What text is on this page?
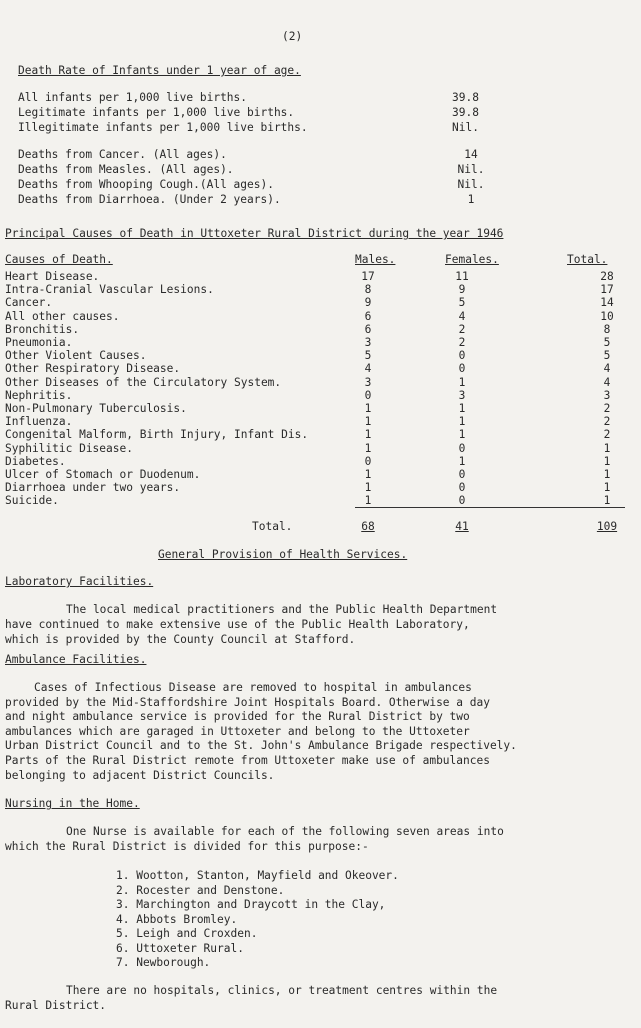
(2)
Death Rate of Infants under 1 year of age.
All infants per 1,000 live births.	39.8
Legitimate infants per 1,000 live births.	39.8
Illegitimate infants per 1,000 live births.	Nil.
Deaths from Cancer. (All ages).	14
Deaths from Measles. (All ages).	Nil.
Deaths from Whooping Cough.(All ages).	Nil.
Deaths from Diarrhoea. (Under 2 years).	1
Principal Causes of Death in Uttoxeter Rural District during the year 1946
Causes of Death.	Males.	Females.	Total.
Heart Disease.	17	11	28
Intra-Cranial Vascular Lesions.	8	9	17
Cancer.	9	5	14
All other causes.	6	4	10
Bronchitis.	6	2	8
Pneumonia.	3	2	5
Other Violent Causes.	5	0	5
Other Respiratory Disease.	4	0	4
Other Diseases of the Circulatory System.	3	1	4
Nephritis.	0	3	3
Non-Pulmonary Tuberculosis.	1	1	2
Influenza.	1	1	2
Congenital Malform, Birth Injury, Infant Dis.	1	1	2
Syphilitic Disease.	1	0	1
Diabetes.	0	1	1
Ulcer of Stomach or Duodenum.	1	0	1
Diarrhoea under two years.	1	0	1
Suicide.	1	0	1
Total.	68	41	109
General Provision of Health Services.
Laboratory Facilities.
The local medical practitioners and the Public Health Department
have continued to make extensive use of the Public Health Laboratory,
which is provided by the County Council at Stafford.
Ambulance Facilities.
Cases of Infectious Disease are removed to hospital in ambulances
provided by the Mid-Staffordshire Joint Hospitals Board. Otherwise a day
and night ambulance service is provided for the Rural District by two
ambulances which are garaged in Uttoxeter and belong to the Uttoxeter
Urban District Council and to the St. John's Ambulance Brigade respectively.
Parts of the Rural District remote from Uttoxeter make use of ambulances
belonging to adjacent District Councils.
Nursing in the Home.
One Nurse is available for each of the following seven areas into
which the Rural District is divided for this purpose:-
1. Wootton, Stanton, Mayfield and Okeover.
2. Rocester and Denstone.
3. Marchington and Draycott in the Clay,
4. Abbots Bromley.
5. Leigh and Croxden.
6. Uttoxeter Rural.
7. Newborough.
There are no hospitals, clinics, or treatment centres within the
Rural District.
